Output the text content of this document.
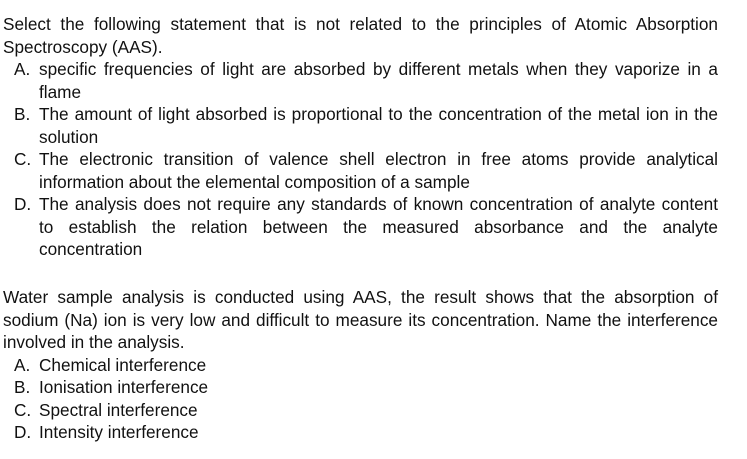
Select the following statement that is not related to the principles of Atomic Absorption Spectroscopy (AAS).

A. specific frequencies of light are absorbed by different metals when they vaporize in a flame
B. The amount of light absorbed is proportional to the concentration of the metal ion in the solution
C. The electronic transition of valence shell electron in free atoms provide analytical information about the elemental composition of a sample
D. The analysis does not require any standards of known concentration of analyte content to establish the relation between the measured absorbance and the analyte concentration

Water sample analysis is conducted using AAS, the result shows that the absorption of sodium (Na) ion is very low and difficult to measure its concentration. Name the interference involved in the analysis.

A. Chemical interference
B. Ionisation interference
C. Spectral interference
D. Intensity interference
